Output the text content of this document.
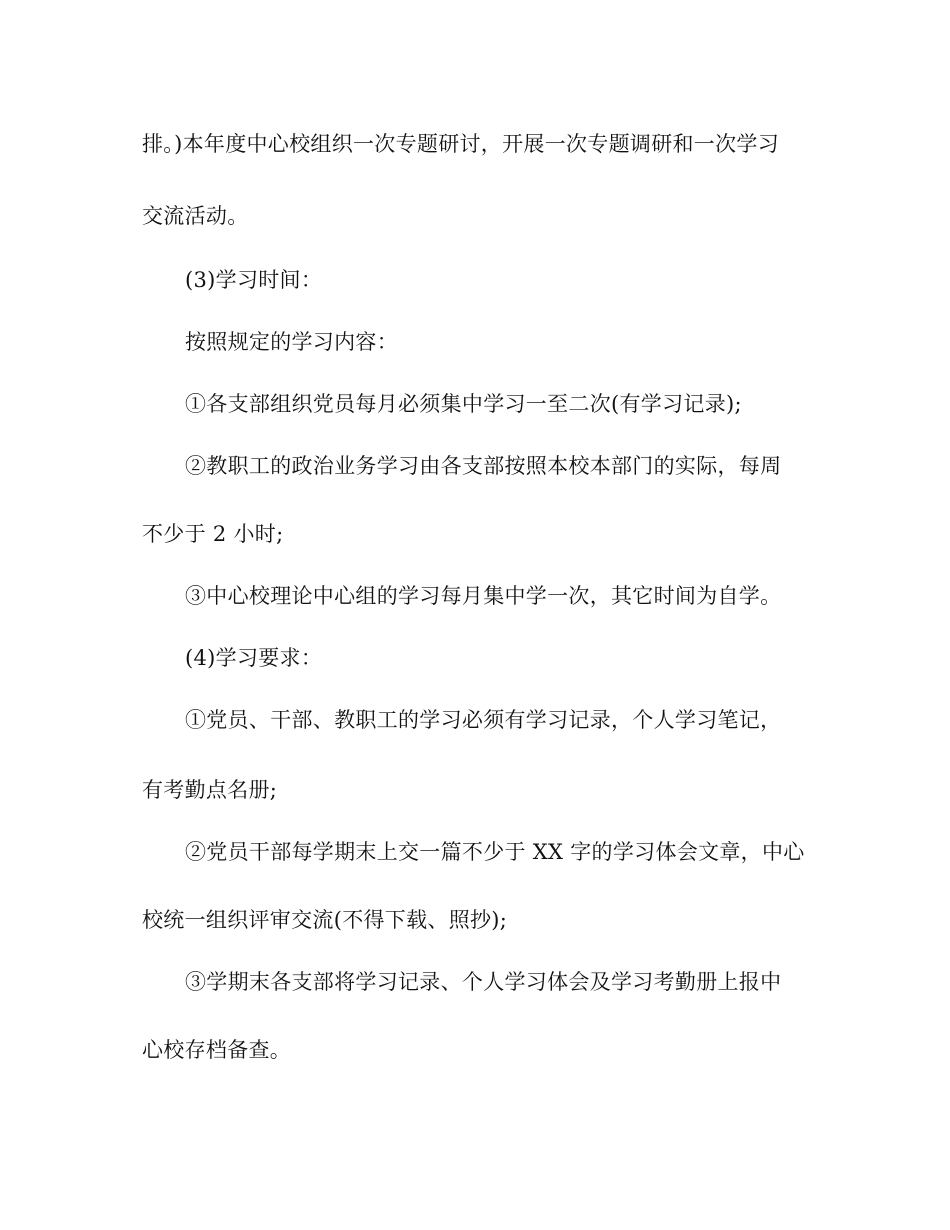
排。)本年度中心校组织一次专题研讨，开展一次专题调研和一次学习
交流活动。
(3)学习时间：
按照规定的学习内容：
①各支部组织党员每月必须集中学习一至二次(有学习记录);
②教职工的政治业务学习由各支部按照本校本部门的实际，每周
不少于 2 小时;
③中心校理论中心组的学习每月集中学一次，其它时间为自学。
(4)学习要求：
①党员、干部、教职工的学习必须有学习记录，个人学习笔记，
有考勤点名册;
②党员干部每学期末上交一篇不少于 XX 字的学习体会文章，中心
校统一组织评审交流(不得下载、照抄);
③学期末各支部将学习记录、个人学习体会及学习考勤册上报中
心校存档备查。
